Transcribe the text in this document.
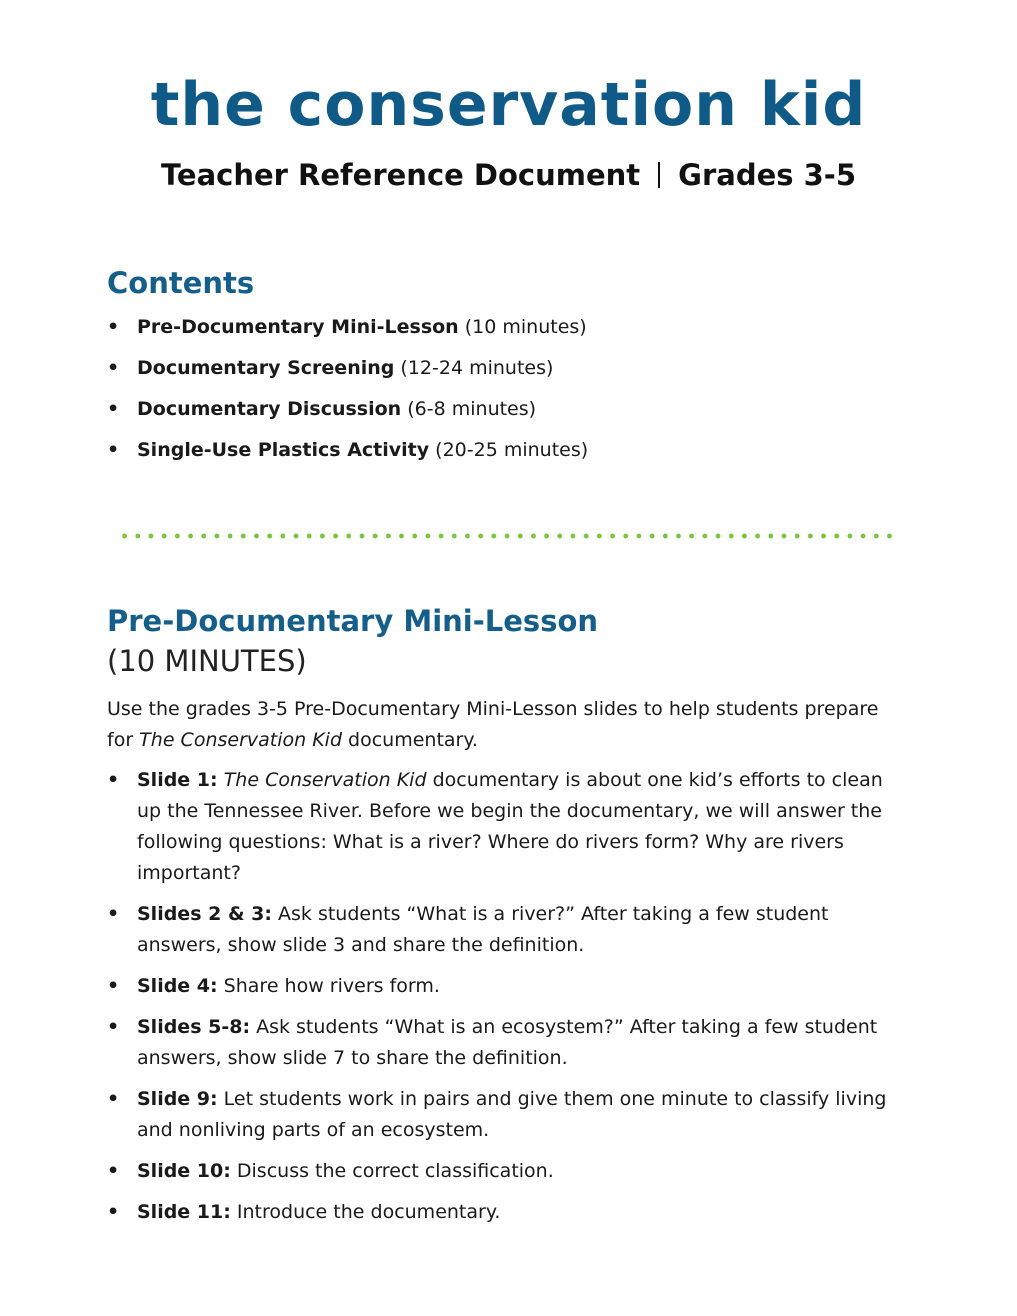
the conservation kid
Teacher Reference Document Grades 3-5
Contents
• Pre-Documentary Mini-Lesson (10 minutes)
• Documentary Screening (12-24 minutes)
• Documentary Discussion (6-8 minutes)
• Single-Use Plastics Activity (20-25 minutes)
Pre-Documentary Mini-Lesson
(10 MINUTES)

Use the grades 3-5 Pre-Documentary Mini-Lesson slides to help students prepare for The Conservation Kid documentary.

• Slide 1: The Conservation Kid documentary is about one kid’s efforts to clean up the Tennessee River. Before we begin the documentary, we will answer the following questions: What is a river? Where do rivers form? Why are rivers important?
• Slides 2 & 3: Ask students “What is a river?” After taking a few student answers, show slide 3 and share the definition.
• Slide 4: Share how rivers form.
• Slides 5-8: Ask students “What is an ecosystem?” After taking a few student answers, show slide 7 to share the definition.
• Slide 9: Let students work in pairs and give them one minute to classify living and nonliving parts of an ecosystem.
• Slide 10: Discuss the correct classification.
• Slide 11: Introduce the documentary.
